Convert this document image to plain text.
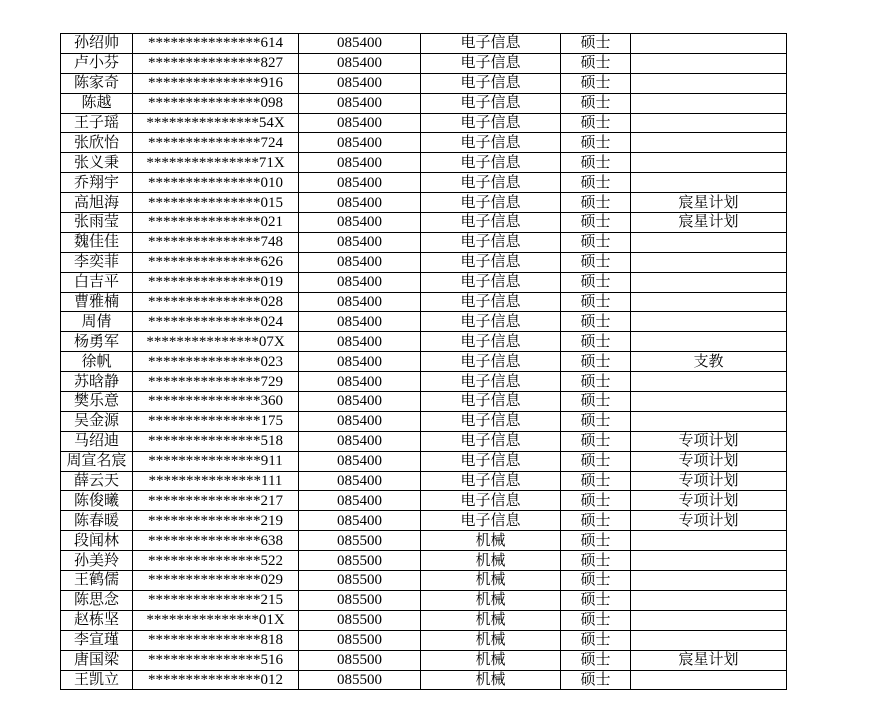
孙绍帅	***************614	085400	电子信息	硕士	
卢小芬	***************827	085400	电子信息	硕士	
陈家奇	***************916	085400	电子信息	硕士	
陈越	***************098	085400	电子信息	硕士	
王子瑶	***************54X	085400	电子信息	硕士	
张欣怡	***************724	085400	电子信息	硕士	
张义秉	***************71X	085400	电子信息	硕士	
乔翔宇	***************010	085400	电子信息	硕士	
高旭海	***************015	085400	电子信息	硕士	宸星计划
张雨莹	***************021	085400	电子信息	硕士	宸星计划
魏佳佳	***************748	085400	电子信息	硕士	
李奕菲	***************626	085400	电子信息	硕士	
白吉平	***************019	085400	电子信息	硕士	
曹雅楠	***************028	085400	电子信息	硕士	
周倩	***************024	085400	电子信息	硕士	
杨勇军	***************07X	085400	电子信息	硕士	
徐帆	***************023	085400	电子信息	硕士	支教
苏晗静	***************729	085400	电子信息	硕士	
樊乐意	***************360	085400	电子信息	硕士	
吴金源	***************175	085400	电子信息	硕士	
马绍迪	***************518	085400	电子信息	硕士	专项计划
周宣名宸	***************911	085400	电子信息	硕士	专项计划
薛云天	***************111	085400	电子信息	硕士	专项计划
陈俊曦	***************217	085400	电子信息	硕士	专项计划
陈春暖	***************219	085400	电子信息	硕士	专项计划
段闻林	***************638	085500	机械	硕士	
孙美羚	***************522	085500	机械	硕士	
王鹤儒	***************029	085500	机械	硕士	
陈思念	***************215	085500	机械	硕士	
赵栋坚	***************01X	085500	机械	硕士	
李宣瑾	***************818	085500	机械	硕士	
唐国梁	***************516	085500	机械	硕士	宸星计划
王凯立	***************012	085500	机械	硕士	
